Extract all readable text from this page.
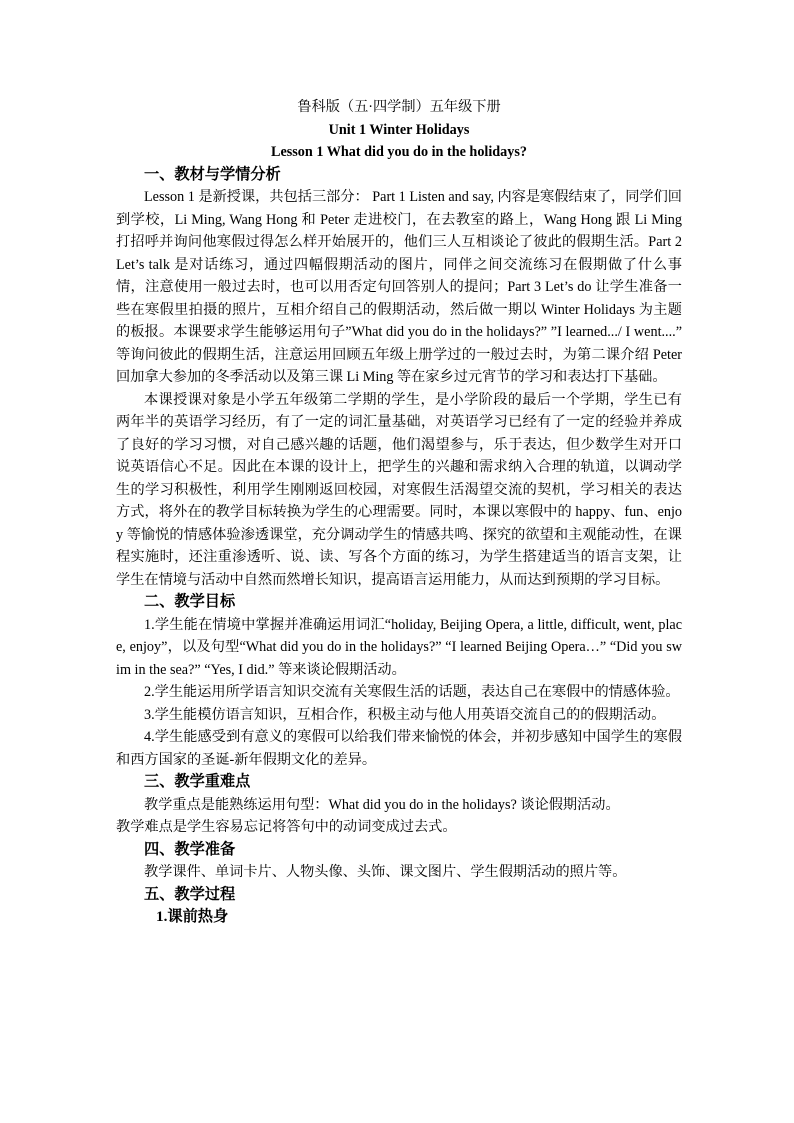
鲁科版（五·四学制）五年级下册

Unit 1 Winter Holidays

Lesson 1 What did you do in the holidays?

一、教材与学情分析

Lesson 1 是新授课，共包括三部分： Part 1 Listen and say, 内容是寒假结束了，同学们回到学校，Li Ming, Wang Hong 和 Peter 走进校门，在去教室的路上，Wang Hong 跟 Li Ming 打招呼并询问他寒假过得怎么样开始展开的，他们三人互相谈论了彼此的假期生活。Part 2 Let’s talk 是对话练习，通过四幅假期活动的图片，同伴之间交流练习在假期做了什么事情，注意使用一般过去时，也可以用否定句回答别人的提问；Part 3 Let’s do 让学生准备一些在寒假里拍摄的照片，互相介绍自己的假期活动，然后做一期以 Winter Holidays 为主题的板报。本课要求学生能够运用句子”What did you do in the holidays?” ”I learned.../ I went....” 等询问彼此的假期生活，注意运用回顾五年级上册学过的一般过去时，为第二课介绍 Peter 回加拿大参加的冬季活动以及第三课 Li Ming 等在家乡过元宵节的学习和表达打下基础。

本课授课对象是小学五年级第二学期的学生，是小学阶段的最后一个学期，学生已有两年半的英语学习经历，有了一定的词汇量基础，对英语学习已经有了一定的经验并养成了良好的学习习惯，对自己感兴趣的话题，他们渴望参与，乐于表达，但少数学生对开口说英语信心不足。因此在本课的设计上，把学生的兴趣和需求纳入合理的轨道，以调动学生的学习积极性，利用学生刚刚返回校园，对寒假生活渴望交流的契机，学习相关的表达方式，将外在的教学目标转换为学生的心理需要。同时，本课以寒假中的 happy、fun、enjoy 等愉悦的情感体验渗透课堂，充分调动学生的情感共鸣、探究的欲望和主观能动性，在课程实施时，还注重渗透听、说、读、写各个方面的练习，为学生搭建适当的语言支架，让学生在情境与活动中自然而然增长知识，提高语言运用能力，从而达到预期的学习目标。

二、教学目标

1.学生能在情境中掌握并准确运用词汇“holiday, Beijing Opera, a little, difficult, went, place, enjoy”，以及句型“What did you do in the holidays?” “I learned Beijing Opera…” “Did you swim in the sea?” “Yes, I did.” 等来谈论假期活动。

2.学生能运用所学语言知识交流有关寒假生活的话题，表达自己在寒假中的情感体验。

3.学生能模仿语言知识，互相合作，积极主动与他人用英语交流自己的的假期活动。

4.学生能感受到有意义的寒假可以给我们带来愉悦的体会，并初步感知中国学生的寒假和西方国家的圣诞-新年假期文化的差异。

三、教学重难点

教学重点是能熟练运用句型：What did you do in the holidays? 谈论假期活动。

教学难点是学生容易忘记将答句中的动词变成过去式。

四、教学准备

教学课件、单词卡片、人物头像、头饰、课文图片、学生假期活动的照片等。

五、教学过程

1.课前热身
